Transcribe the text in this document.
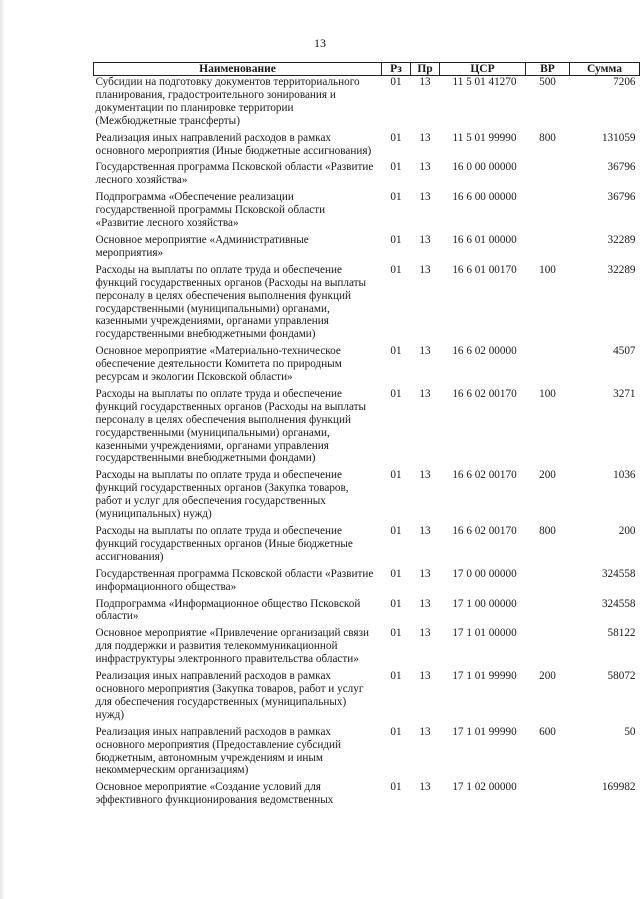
13
Наименование	Рз	Пр	ЦСР	ВР	Сумма
Субсидии на подготовку документов территориального планирования, градостроительного зонирования и документации по планировке территории (Межбюджетные трансферты)	01	13	11 5 01 41270	500	7206
Реализация иных направлений расходов в рамках основного мероприятия (Иные бюджетные ассигнования)	01	13	11 5 01 99990	800	131059
Государственная программа Псковской области «Развитие лесного хозяйства»	01	13	16 0 00 00000		36796
Подпрограмма «Обеспечение реализации государственной программы Псковской области «Развитие лесного хозяйства»	01	13	16 6 00 00000		36796
Основное мероприятие «Административные мероприятия»	01	13	16 6 01 00000		32289
Расходы на выплаты по оплате труда и обеспечение функций государственных органов (Расходы на выплаты персоналу в целях обеспечения выполнения функций государственными (муниципальными) органами, казенными учреждениями, органами управления государственными внебюджетными фондами)	01	13	16 6 01 00170	100	32289
Основное мероприятие «Материально-техническое обеспечение деятельности Комитета по природным ресурсам и экологии Псковской области»	01	13	16 6 02 00000		4507
Расходы на выплаты по оплате труда и обеспечение функций государственных органов (Расходы на выплаты персоналу в целях обеспечения выполнения функций государственными (муниципальными) органами, казенными учреждениями, органами управления государственными внебюджетными фондами)	01	13	16 6 02 00170	100	3271
Расходы на выплаты по оплате труда и обеспечение функций государственных органов (Закупка товаров, работ и услуг для обеспечения государственных (муниципальных) нужд)	01	13	16 6 02 00170	200	1036
Расходы на выплаты по оплате труда и обеспечение функций государственных органов (Иные бюджетные ассигнования)	01	13	16 6 02 00170	800	200
Государственная программа Псковской области «Развитие информационного общества»	01	13	17 0 00 00000		324558
Подпрограмма «Информационное общество Псковской области»	01	13	17 1 00 00000		324558
Основное мероприятие «Привлечение организаций связи для поддержки и развития телекоммуникационной инфраструктуры электронного правительства области»	01	13	17 1 01 00000		58122
Реализация иных направлений расходов в рамках основного мероприятия (Закупка товаров, работ и услуг для обеспечения государственных (муниципальных) нужд)	01	13	17 1 01 99990	200	58072
Реализация иных направлений расходов в рамках основного мероприятия (Предоставление субсидий бюджетным, автономным учреждениям и иным некоммерческим организациям)	01	13	17 1 01 99990	600	50
Основное мероприятие «Создание условий для эффективного функционирования ведомственных	01	13	17 1 02 00000		169982
